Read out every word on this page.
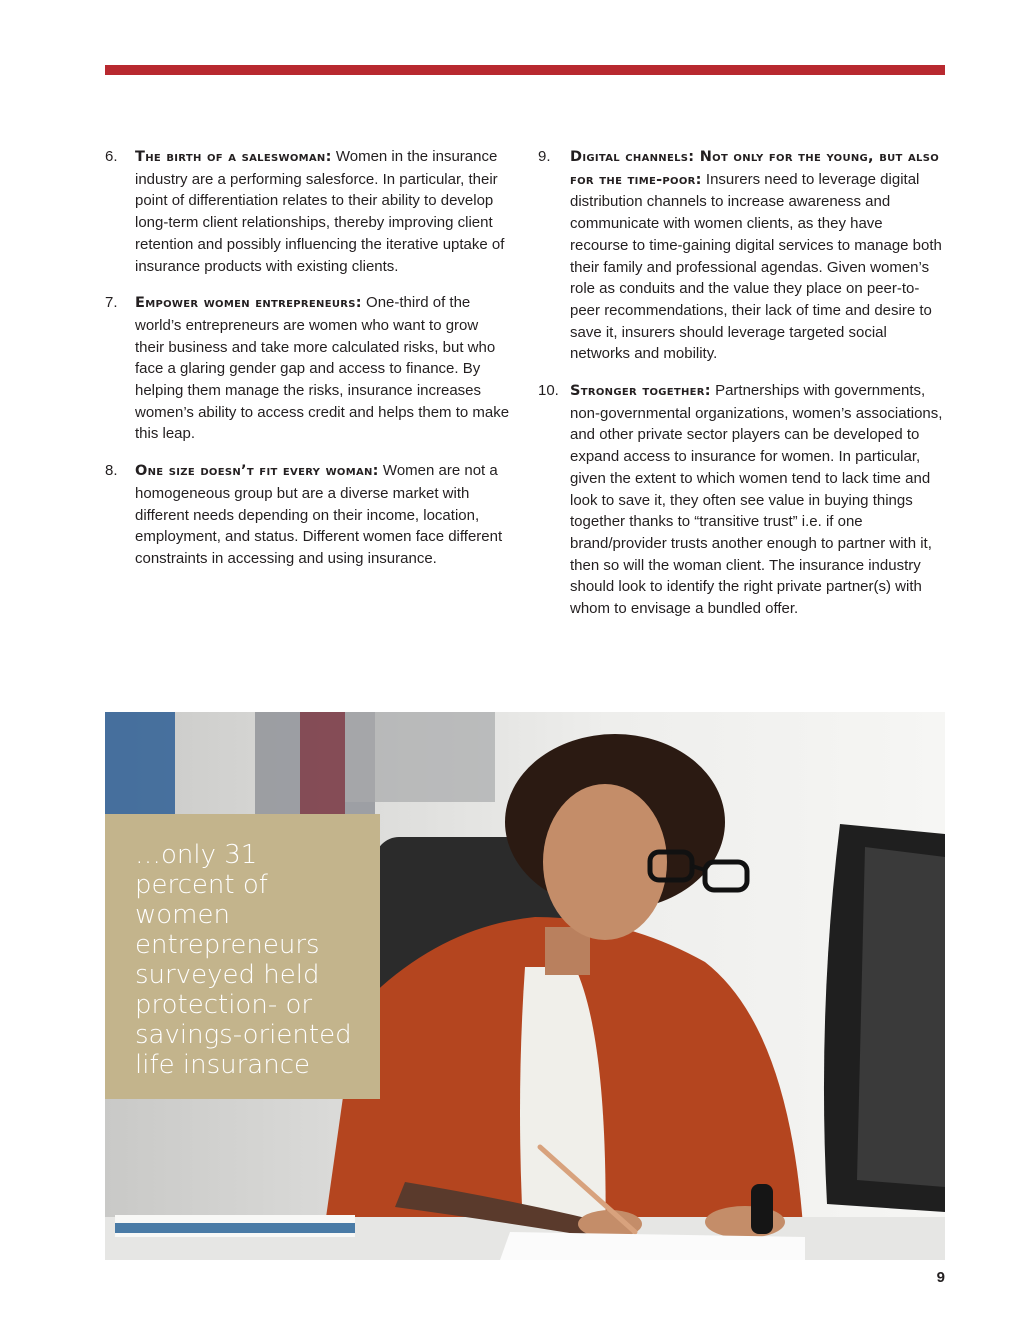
6. The birth of a saleswoman: Women in the insurance industry are a performing salesforce. In particular, their point of differentiation relates to their ability to develop long-term client relationships, thereby improving client retention and possibly influencing the iterative uptake of insurance products with existing clients.
7. Empower women entrepreneurs: One-third of the world’s entrepreneurs are women who want to grow their business and take more calculated risks, but who face a glaring gender gap and access to finance. By helping them manage the risks, insurance increases women’s ability to access credit and helps them to make this leap.
8. One size doesn’t fit every woman: Women are not a homogeneous group but are a diverse market with different needs depending on their income, location, employment, and status. Different women face different constraints in accessing and using insurance.
9. Digital channels: Not only for the young, but also for the time-poor: Insurers need to leverage digital distribution channels to increase awareness and communicate with women clients, as they have recourse to time-gaining digital services to manage both their family and professional agendas. Given women’s role as conduits and the value they place on peer-to-peer recommendations, their lack of time and desire to save it, insurers should leverage targeted social networks and mobility.
10. Stronger together: Partnerships with governments, non-governmental organizations, women’s associations, and other private sector players can be developed to expand access to insurance for women. In particular, given the extent to which women tend to lack time and look to save it, they often see value in buying things together thanks to “transitive trust” i.e. if one brand/provider trusts another enough to partner with it, then so will the woman client. The insurance industry should look to identify the right private partner(s) with whom to envisage a bundled offer.
…only 31 percent of women entrepreneurs surveyed held protection- or savings-oriented life insurance
9
